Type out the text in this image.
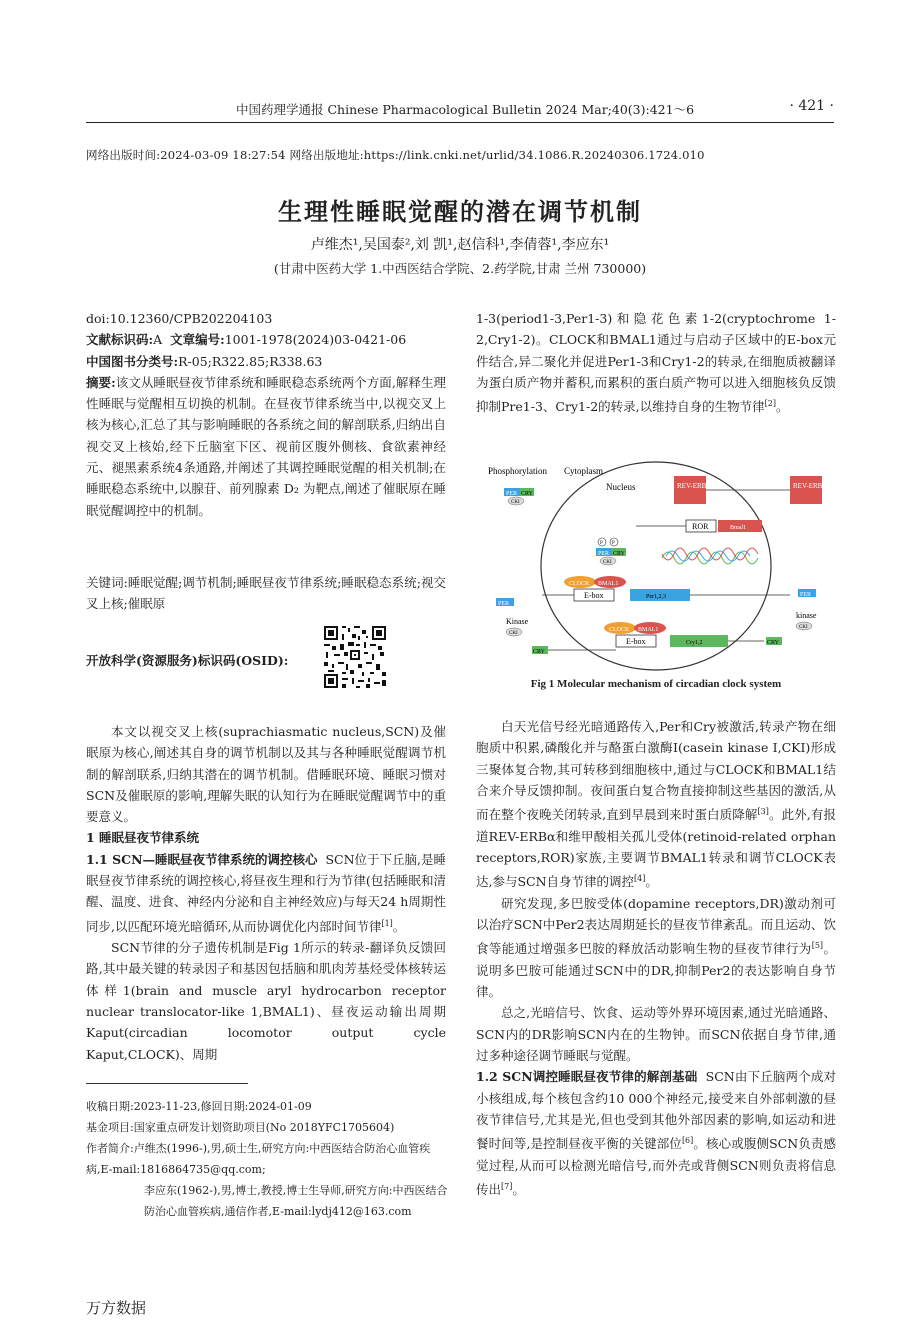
中国药理学通报 Chinese Pharmacological Bulletin 2024 Mar;40(3):421～6	· 421 ·
网络出版时间:2024-03-09 18:27:54 网络出版地址:https://link.cnki.net/urlid/34.1086.R.20240306.1724.010
生理性睡眠觉醒的潜在调节机制
卢维杰¹,吴国泰²,刘 凯¹,赵信科¹,李倩蓉¹,李应东¹
(甘肃中医药大学 1.中西医结合学院、2.药学院,甘肃 兰州 730000)

doi:10.12360/CPB202204103

文献标识码:A 文章编号:1001-1978(2024)03-0421-06

中国图书分类号:R-05;R322.85;R338.63

摘要:该文从睡眠昼夜节律系统和睡眠稳态系统两个方面,解释生理性睡眠与觉醒相互切换的机制。在昼夜节律系统当中,以视交叉上核为核心,汇总了其与影响睡眠的各系统之间的解剖联系,归纳出自视交叉上核始,经下丘脑室下区、视前区腹外侧核、食欲素神经元、褪黑素系统4条通路,并阐述了其调控睡眠觉醒的相关机制;在睡眠稳态系统中,以腺苷、前列腺素 D₂ 为靶点,阐述了催眠原在睡眠觉醒调控中的机制。

关键词:睡眠觉醒;调节机制;睡眠昼夜节律系统;睡眠稳态系统;视交叉上核;催眠原
开放科学(资源服务)标识码(OSID):

本文以视交叉上核(suprachiasmatic nucleus,SCN)及催眠原为核心,阐述其自身的调节机制以及其与各种睡眠觉醒调节机制的解剖联系,归纳其潜在的调节机制。借睡眠环境、睡眠习惯对SCN及催眠原的影响,理解失眠的认知行为在睡眠觉醒调节中的重要意义。

1 睡眠昼夜节律系统

1.1 SCN—睡眠昼夜节律系统的调控核心 SCN位于下丘脑,是睡眠昼夜节律系统的调控核心,将昼夜生理和行为节律(包括睡眠和清醒、温度、进食、神经内分泌和自主神经效应)与每天24 h周期性同步,以匹配环境光暗循环,从而协调优化内部时间节律[1]。

SCN节律的分子遗传机制是Fig 1所示的转录-翻译负反馈回路,其中最关键的转录因子和基因包括脑和肌肉芳基烃受体核转运体样1(brain and muscle aryl hydrocarbon receptor nuclear translocator-like 1,BMAL1)、昼夜运动输出周期Kaput(circadian locomotor output cycle Kaput,CLOCK)、周期

收稿日期:2023-11-23,修回日期:2024-01-09

基金项目:国家重点研发计划资助项目(No 2018YFC1705604)

作者简介:卢维杰(1996-),男,硕士生,研究方向:中西医结合防治心血管疾病,E-mail:1816864735@qq.com;

李应东(1962-),男,博士,教授,博士生导师,研究方向:中西医结合防治心血管疾病,通信作者,E-mail:lydj412@163.com

1-3(period1-3,Per1-3)和隐花色素1-2(cryptochrome 1-2,Cry1-2)。CLOCK和BMAL1通过与启动子区域中的E-box元件结合,异二聚化并促进Per1-3和Cry1-2的转录,在细胞质被翻译为蛋白质产物并蓄积,而累积的蛋白质产物可以进入细胞核负反馈抑制Pre1-3、Cry1-2的转录,以维持自身的生物节律[2]。

Phosphorylation Cytoplasm
Nucleus
PER CRY
CKI
REV-ERBα	REV-ERBα
ROR	Bmal1
P P
PER CRY
CKI
CLOCK BMAL1
E-box	Per1,2,3
PER
PER
Kinase
CKI
kinase
CKI
CLOCK BMAL1
E-box	Cry1,2	CRY
CRY
Fig 1 Molecular mechanism of circadian clock system

白天光信号经光暗通路传入,Per和Cry被激活,转录产物在细胞质中积累,磷酸化并与酪蛋白激酶I(casein kinase I,CKI)形成三聚体复合物,其可转移到细胞核中,通过与CLOCK和BMAL1结合来介导反馈抑制。夜间蛋白复合物直接抑制这些基因的激活,从而在整个夜晚关闭转录,直到早晨到来时蛋白质降解[3]。此外,有报道REV-ERBα和维甲酸相关孤儿受体(retinoid-related orphan receptors,ROR)家族,主要调节BMAL1转录和调节CLOCK表达,参与SCN自身节律的调控[4]。

研究发现,多巴胺受体(dopamine receptors,DR)激动剂可以治疗SCN中Per2表达周期延长的昼夜节律紊乱。而且运动、饮食等能通过增强多巴胺的释放活动影响生物的昼夜节律行为[5]。说明多巴胺可能通过SCN中的DR,抑制Per2的表达影响自身节律。

总之,光暗信号、饮食、运动等外界环境因素,通过光暗通路、SCN内的DR影响SCN内在的生物钟。而SCN依据自身节律,通过多种途径调节睡眠与觉醒。

1.2 SCN调控睡眠昼夜节律的解剖基础 SCN由下丘脑两个成对小核组成,每个核包含约10 000个神经元,接受来自外部刺激的昼夜节律信号,尤其是光,但也受到其他外部因素的影响,如运动和进餐时间等,是控制昼夜平衡的关键部位[6]。核心或腹侧SCN负责感觉过程,从而可以检测光暗信号,而外壳或背侧SCN则负责将信息传出[7]。

万方数据
